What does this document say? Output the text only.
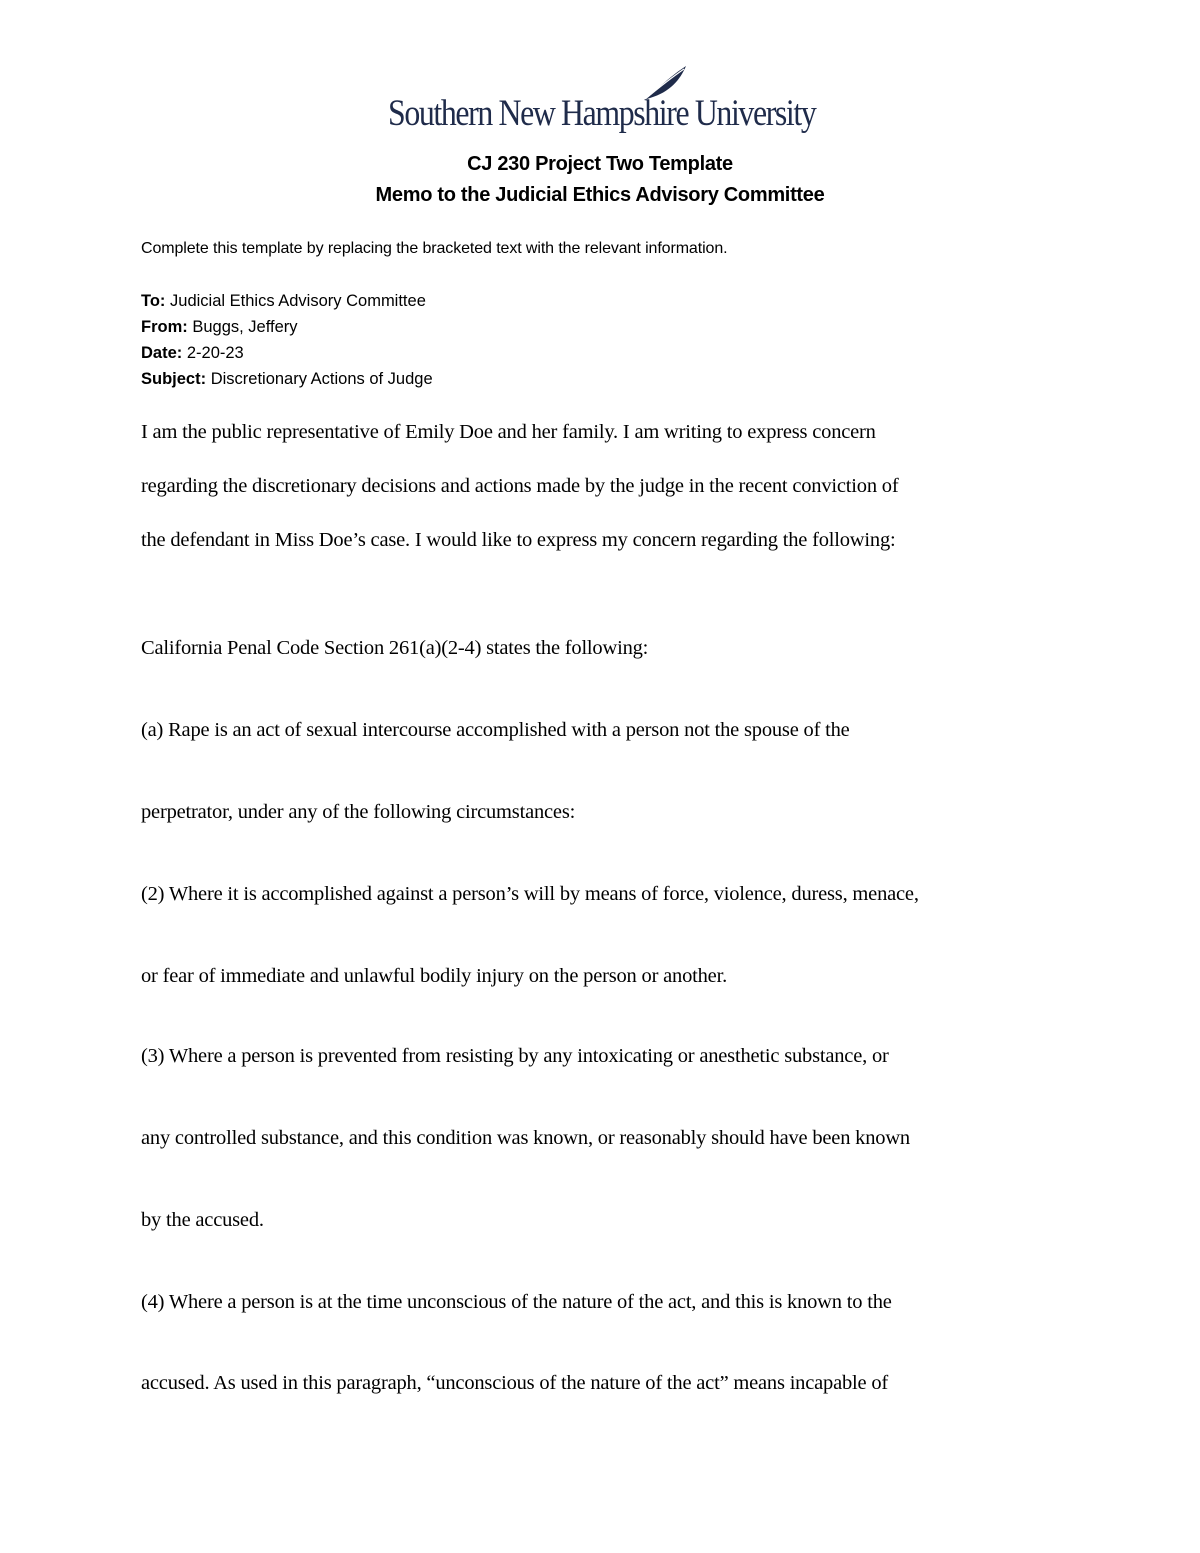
Southern New Hampshire University
CJ 230 Project Two Template
Memo to the Judicial Ethics Advisory Committee
Complete this template by replacing the bracketed text with the relevant information.
To: Judicial Ethics Advisory Committee
From: Buggs, Jeffery
Date: 2-20-23
Subject: Discretionary Actions of Judge
I am the public representative of Emily Doe and her family. I am writing to express concern
regarding the discretionary decisions and actions made by the judge in the recent conviction of
the defendant in Miss Doe’s case. I would like to express my concern regarding the following:
California Penal Code Section 261(a)(2-4) states the following:
(a) Rape is an act of sexual intercourse accomplished with a person not the spouse of the
perpetrator, under any of the following circumstances:
(2) Where it is accomplished against a person’s will by means of force, violence, duress, menace,
or fear of immediate and unlawful bodily injury on the person or another.
(3) Where a person is prevented from resisting by any intoxicating or anesthetic substance, or
any controlled substance, and this condition was known, or reasonably should have been known
by the accused.
(4) Where a person is at the time unconscious of the nature of the act, and this is known to the
accused. As used in this paragraph, “unconscious of the nature of the act” means incapable of
